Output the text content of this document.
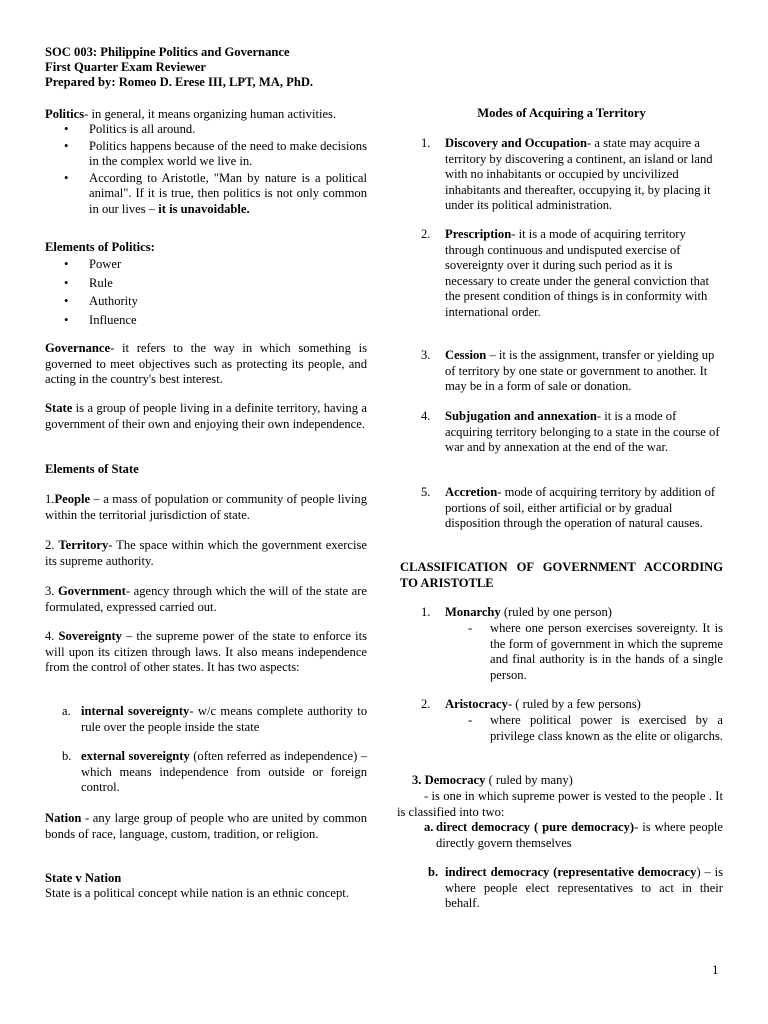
SOC 003: Philippine Politics and Governance
First Quarter Exam Reviewer
Prepared by: Romeo D. Erese III, LPT, MA, PhD.
Politics- in general, it means organizing human activities.
• Politics is all around.
• Politics happens because of the need to make decisions in the complex world we live in.
• According to Aristotle, "Man by nature is a political animal". If it is true, then politics is not only common in our lives – it is unavoidable.
Elements of Politics:
• Power
• Rule
• Authority
• Influence
Governance- it refers to the way in which something is governed to meet objectives such as protecting its people, and acting in the country's best interest.
State is a group of people living in a definite territory, having a government of their own and enjoying their own independence.
Elements of State
1.People – a mass of population or community of people living within the territorial jurisdiction of state.
2. Territory- The space within which the government exercise its supreme authority.
3. Government- agency through which the will of the state are formulated, expressed carried out.
4. Sovereignty – the supreme power of the state to enforce its will upon its citizen through laws. It also means independence from the control of other states. It has two aspects:
a. internal sovereignty- w/c means complete authority to rule over the people inside the state
b. external sovereignty (often referred as independence) – which means independence from outside or foreign control.
Nation - any large group of people who are united by common bonds of race, language, custom, tradition, or religion.
State v Nation
State is a political concept while nation is an ethnic concept.
Modes of Acquiring a Territory
1. Discovery and Occupation- a state may acquire a territory by discovering a continent, an island or land with no inhabitants or occupied by uncivilized inhabitants and thereafter, occupying it, by placing it under its political administration.
2. Prescription- it is a mode of acquiring territory through continuous and undisputed exercise of sovereignty over it during such period as it is necessary to create under the general conviction that the present condition of things is in conformity with international order.
3. Cession – it is the assignment, transfer or yielding up of territory by one state or government to another. It may be in a form of sale or donation.
4. Subjugation and annexation- it is a mode of acquiring territory belonging to a state in the course of war and by annexation at the end of the war.
5. Accretion- mode of acquiring territory by addition of portions of soil, either artificial or by gradual disposition through the operation of natural causes.
CLASSIFICATION OF GOVERNMENT ACCORDING TO ARISTOTLE
1. Monarchy (ruled by one person)
- where one person exercises sovereignty. It is the form of government in which the supreme and final authority is in the hands of a single person.
2. Aristocracy- ( ruled by a few persons)
- where political power is exercised by a privilege class known as the elite or oligarchs.
3. Democracy ( ruled by many)
- is one in which supreme power is vested to the people . It is classified into two:
a. direct democracy ( pure democracy)- is where people directly govern themselves
b. indirect democracy (representative democracy) – is where people elect representatives to act in their behalf.
1
